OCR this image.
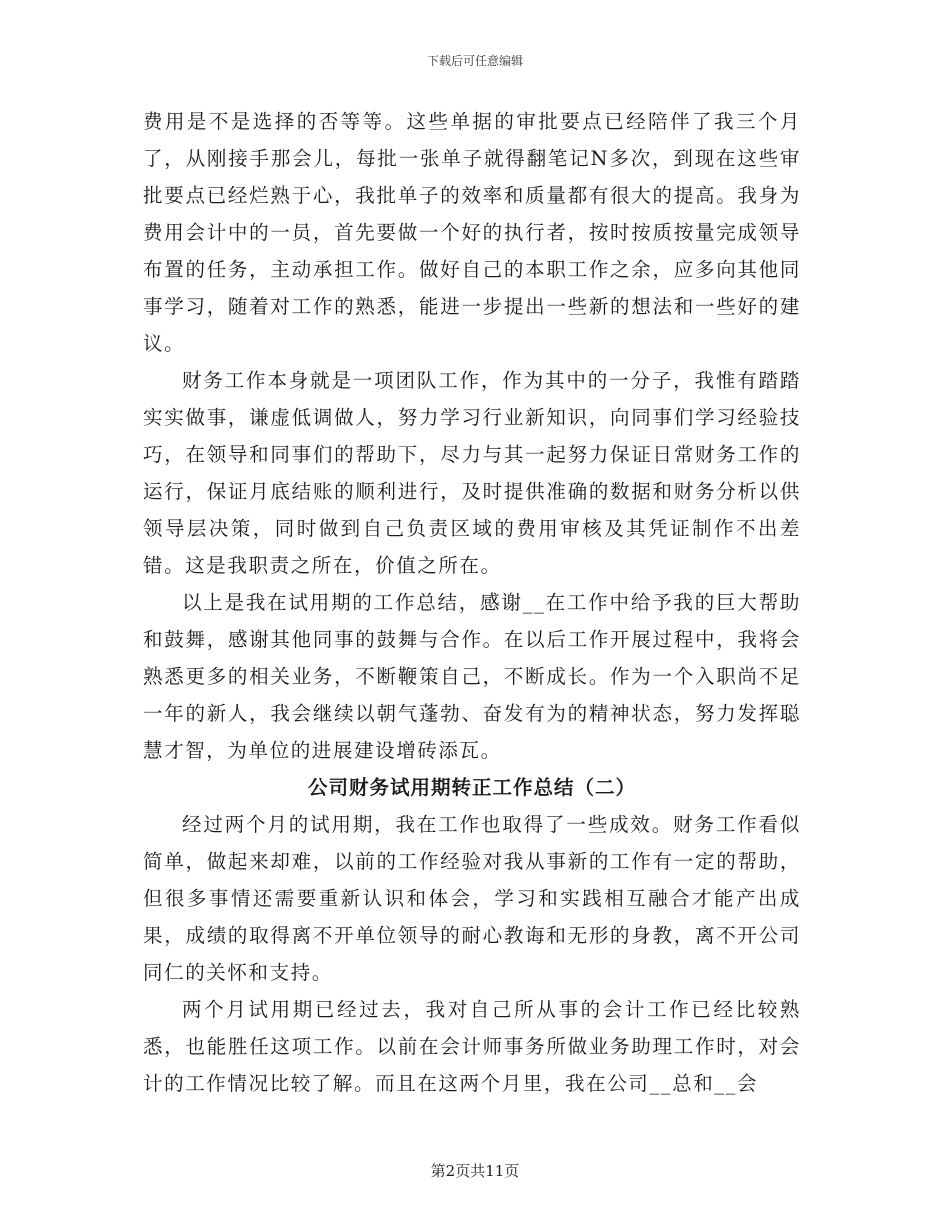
下载后可任意编辑

费用是不是选择的否等等。这些单据的审批要点已经陪伴了我三个月了，从刚接手那会儿，每批一张单子就得翻笔记N多次，到现在这些审批要点已经烂熟于心，我批单子的效率和质量都有很大的提高。我身为费用会计中的一员，首先要做一个好的执行者，按时按质按量完成领导布置的任务，主动承担工作。做好自己的本职工作之余，应多向其他同事学习，随着对工作的熟悉，能进一步提出一些新的想法和一些好的建议。

财务工作本身就是一项团队工作，作为其中的一分子，我惟有踏踏实实做事，谦虚低调做人，努力学习行业新知识，向同事们学习经验技巧，在领导和同事们的帮助下，尽力与其一起努力保证日常财务工作的运行，保证月底结账的顺利进行，及时提供准确的数据和财务分析以供领导层决策，同时做到自己负责区域的费用审核及其凭证制作不出差错。这是我职责之所在，价值之所在。

以上是我在试用期的工作总结，感谢__在工作中给予我的巨大帮助和鼓舞，感谢其他同事的鼓舞与合作。在以后工作开展过程中，我将会熟悉更多的相关业务，不断鞭策自己，不断成长。作为一个入职尚不足一年的新人，我会继续以朝气蓬勃、奋发有为的精神状态，努力发挥聪慧才智，为单位的进展建设增砖添瓦。

公司财务试用期转正工作总结（二）

经过两个月的试用期，我在工作也取得了一些成效。财务工作看似简单，做起来却难，以前的工作经验对我从事新的工作有一定的帮助，但很多事情还需要重新认识和体会，学习和实践相互融合才能产出成果，成绩的取得离不开单位领导的耐心教诲和无形的身教，离不开公司同仁的关怀和支持。

两个月试用期已经过去，我对自己所从事的会计工作已经比较熟悉，也能胜任这项工作。以前在会计师事务所做业务助理工作时，对会计的工作情况比较了解。而且在这两个月里，我在公司__总和__会

第2页共11页
